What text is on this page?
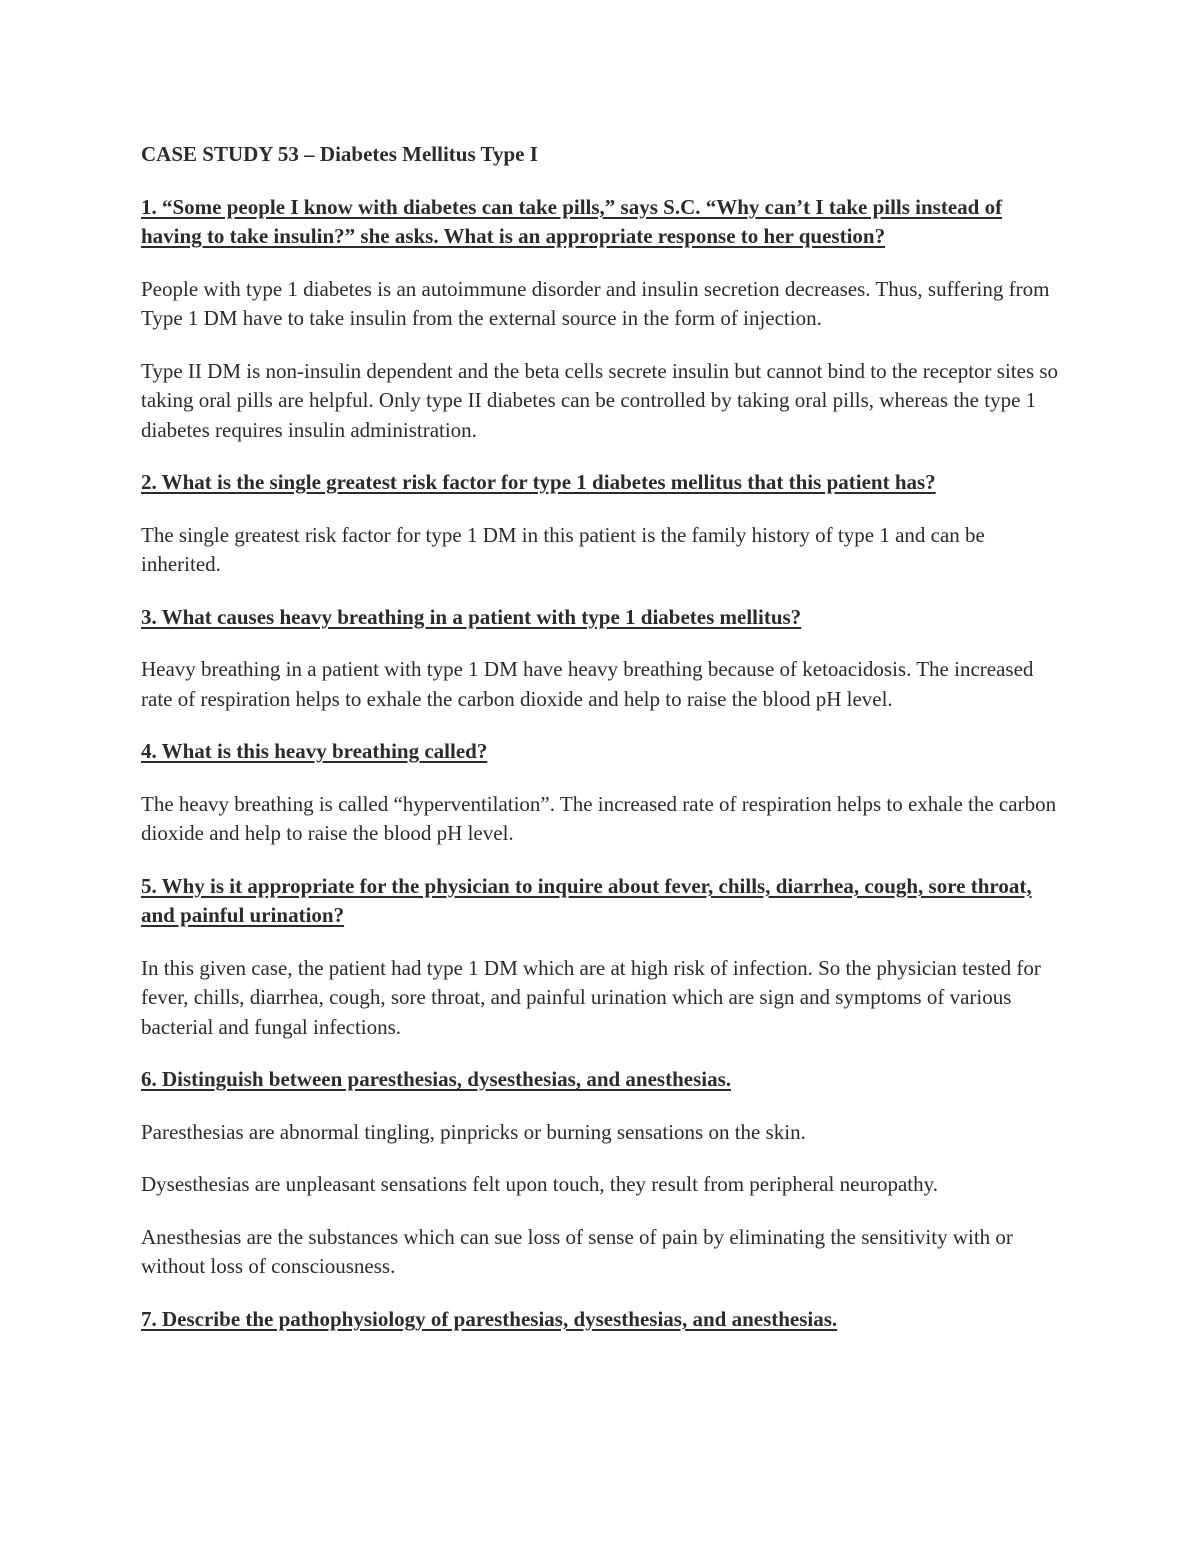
CASE STUDY 53 – Diabetes Mellitus Type I

1. “Some people I know with diabetes can take pills,” says S.C. “Why can’t I take pills instead of having to take insulin?” she asks. What is an appropriate response to her question?

People with type 1 diabetes is an autoimmune disorder and insulin secretion decreases. Thus, suffering from Type 1 DM have to take insulin from the external source in the form of injection.

Type II DM is non-insulin dependent and the beta cells secrete insulin but cannot bind to the receptor sites so taking oral pills are helpful. Only type II diabetes can be controlled by taking oral pills, whereas the type 1 diabetes requires insulin administration.

2. What is the single greatest risk factor for type 1 diabetes mellitus that this patient has?

The single greatest risk factor for type 1 DM in this patient is the family history of type 1 and can be inherited.

3. What causes heavy breathing in a patient with type 1 diabetes mellitus?

Heavy breathing in a patient with type 1 DM have heavy breathing because of ketoacidosis. The increased rate of respiration helps to exhale the carbon dioxide and help to raise the blood pH level.

4. What is this heavy breathing called?

The heavy breathing is called “hyperventilation”. The increased rate of respiration helps to exhale the carbon dioxide and help to raise the blood pH level.

5. Why is it appropriate for the physician to inquire about fever, chills, diarrhea, cough, sore throat, and painful urination?

In this given case, the patient had type 1 DM which are at high risk of infection. So the physician tested for fever, chills, diarrhea, cough, sore throat, and painful urination which are sign and symptoms of various bacterial and fungal infections.

6. Distinguish between paresthesias, dysesthesias, and anesthesias.

Paresthesias are abnormal tingling, pinpricks or burning sensations on the skin.

Dysesthesias are unpleasant sensations felt upon touch, they result from peripheral neuropathy.

Anesthesias are the substances which can sue loss of sense of pain by eliminating the sensitivity with or without loss of consciousness.

7. Describe the pathophysiology of paresthesias, dysesthesias, and anesthesias.
